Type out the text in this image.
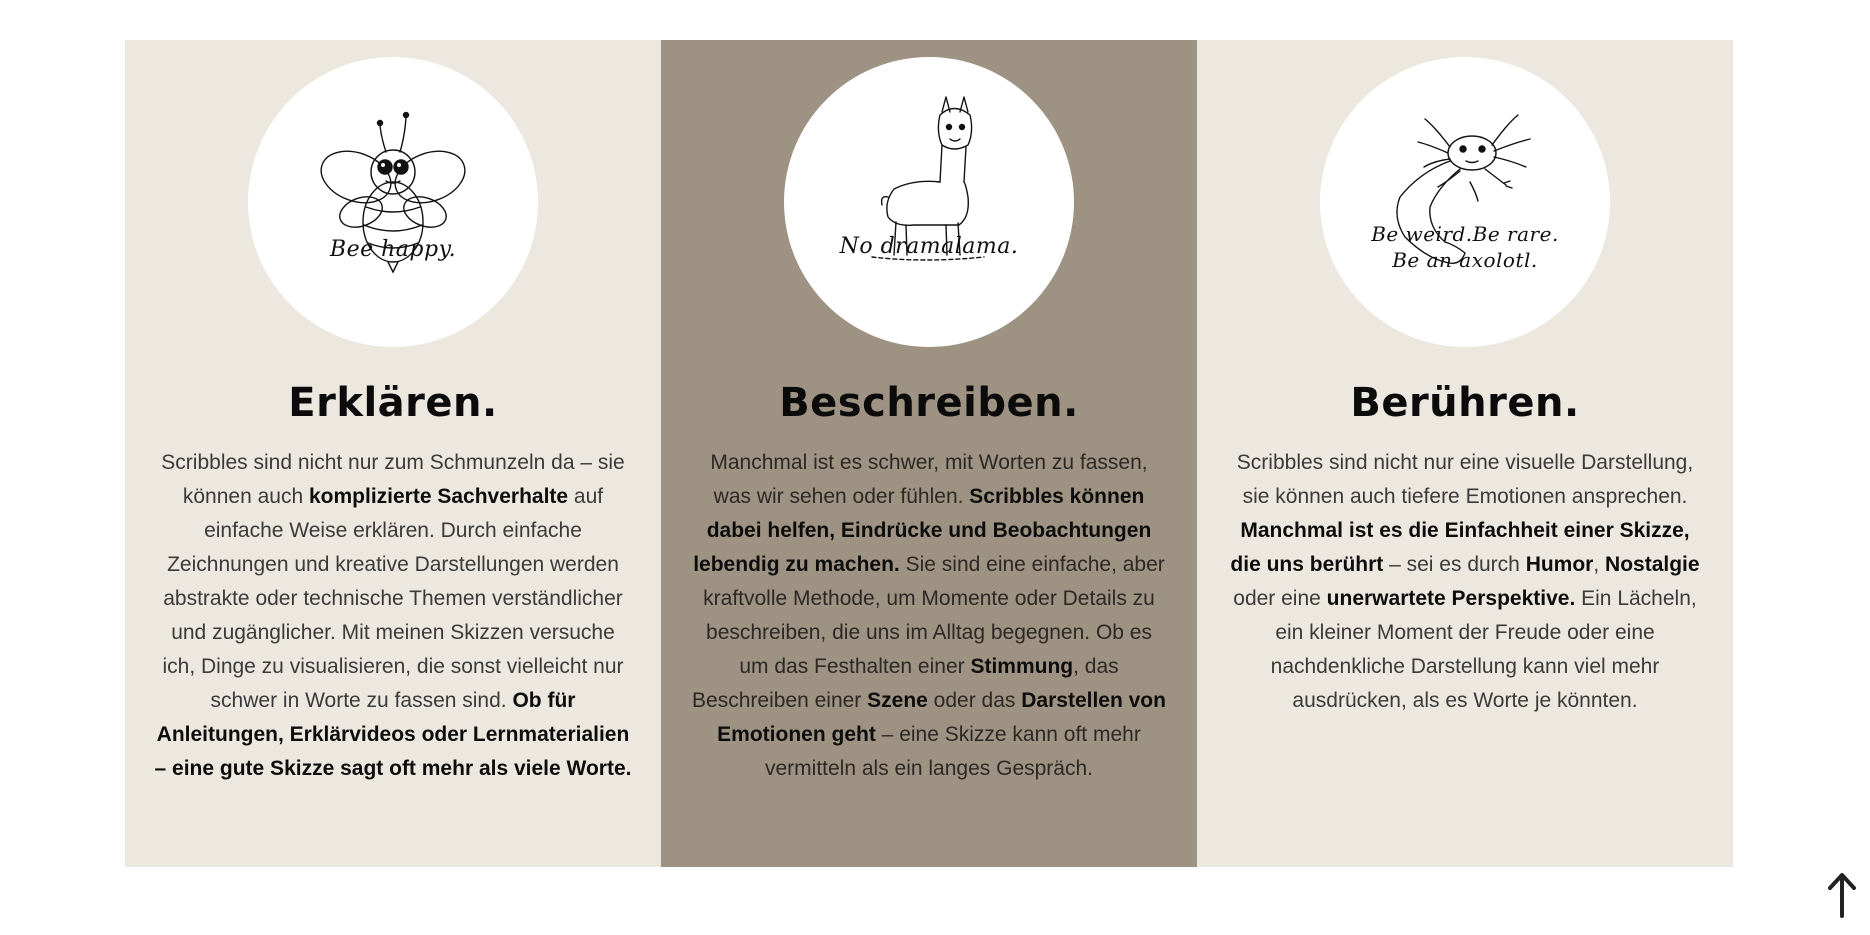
Bee happy.
Erklären.

Scribbles sind nicht nur zum Schmunzeln da – sie können auch komplizierte Sachverhalte auf einfache Weise erklären. Durch einfache Zeichnungen und kreative Darstellungen werden abstrakte oder technische Themen verständlicher und zugänglicher. Mit meinen Skizzen versuche ich, Dinge zu visualisieren, die sonst vielleicht nur schwer in Worte zu fassen sind. Ob für Anleitungen, Erklärvideos oder Lernmaterialien – eine gute Skizze sagt oft mehr als viele Worte.

No dramalama.
Beschreiben.

Manchmal ist es schwer, mit Worten zu fassen, was wir sehen oder fühlen. Scribbles können dabei helfen, Eindrücke und Beobachtungen lebendig zu machen. Sie sind eine einfache, aber kraftvolle Methode, um Momente oder Details zu beschreiben, die uns im Alltag begegnen. Ob es um das Festhalten einer Stimmung, das Beschreiben einer Szene oder das Darstellen von Emotionen geht – eine Skizze kann oft mehr vermitteln als ein langes Gespräch.

Be weird.Be rare.
Be an axolotl.
Berühren.

Scribbles sind nicht nur eine visuelle Darstellung, sie können auch tiefere Emotionen ansprechen. Manchmal ist es die Einfachheit einer Skizze, die uns berührt – sei es durch Humor, Nostalgie oder eine unerwartete Perspektive. Ein Lächeln, ein kleiner Moment der Freude oder eine nachdenkliche Darstellung kann viel mehr ausdrücken, als es Worte je könnten.
